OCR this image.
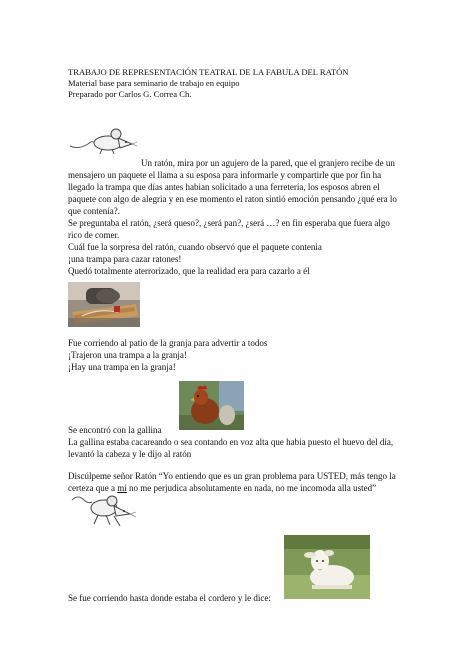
TRABAJO DE REPRESENTACIÓN TEATRAL DE LA FABULA DEL RATÓN
Material base para seminario de trabajo en equipo
Preparado por Carlos G. Correa Ch.
Un ratón, mira por un agujero de la pared, que el granjero recibe de un
mensajero un paquete el llama a su esposa para informarle y compartirle que por fin ha
llegado la trampa que días antes habian solicitado a una ferretería, los esposos abren el
paquete con algo de alegria y en ese momento el raton sintió emoción pensando ¿qué era lo
que contenía?.
Se preguntaba el ratón, ¿será queso?, ¿será pan?, ¿será …? en fin esperaba que fuera algo
rico de comer.
Cuál fue la sorpresa del ratón, cuando observó que el paquete contenia
¡una trampa para cazar ratones!
Quedó totalmente aterrorizado, que la realidad era para cazarlo a él
Fue corriendo al patio de la granja para advertir a todos
¡Trajeron una trampa a la granja!
¡Hay una trampa en la granja!
Se encontró con la gallina
La gallina estaba cacareando o sea contando en voz alta que habia puesto el huevo del día,
levantó la cabeza y le dijo al ratón
Discúlpeme señor Ratón “Yo entiendo que es un gran problema para USTED, más tengo la
certeza que a mi no me perjudica absolutamente en nada, no me incomoda alla usted”
Se fue corriendo hasta donde estaba el cordero y le dice:
